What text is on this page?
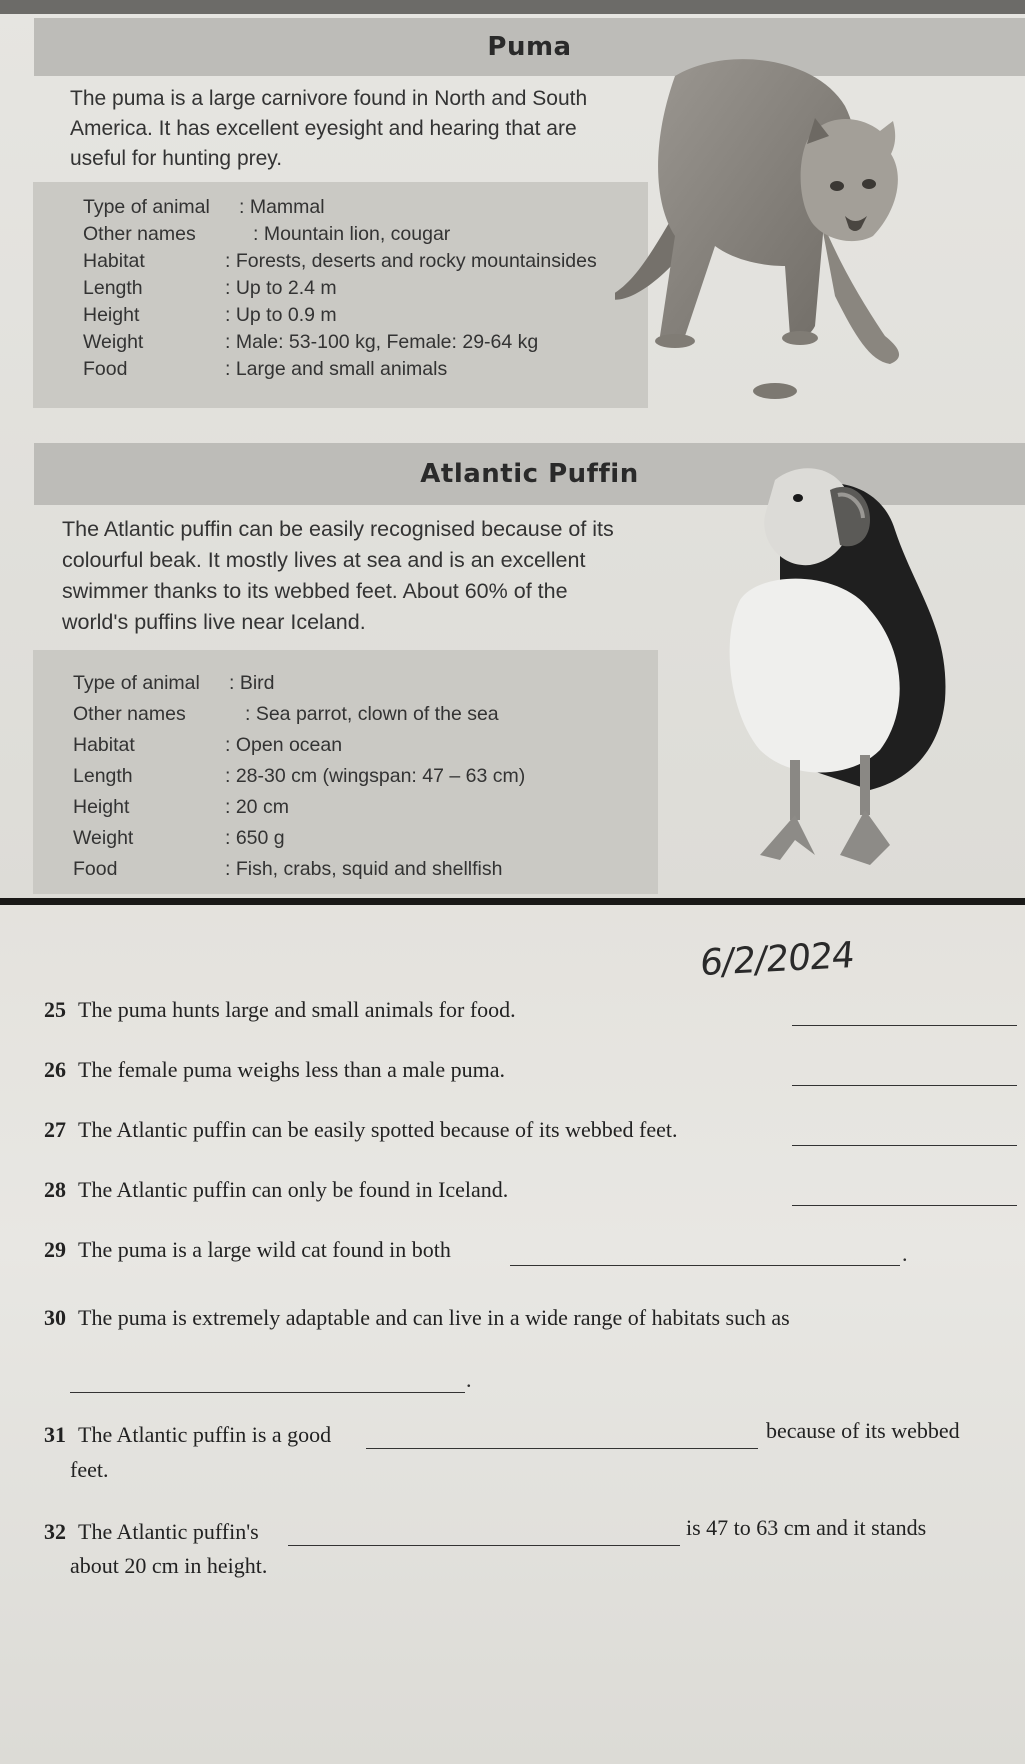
Puma
The puma is a large carnivore found in North and South America. It has excellent eyesight and hearing that are useful for hunting prey.
Type of animal : Mammal
Other names	: Mountain lion, cougar
Habitat	: Forests, deserts and rocky mountainsides
Length	: Up to 2.4 m
Height	: Up to 0.9 m
Weight	: Male: 53-100 kg, Female: 29-64 kg
Food	: Large and small animals
Atlantic Puffin
The Atlantic puffin can be easily recognised because of its colourful beak. It mostly lives at sea and is an excellent swimmer thanks to its webbed feet. About 60% of the world's puffins live near Iceland.
Type of animal : Bird
Other names	: Sea parrot, clown of the sea
Habitat	: Open ocean
Length	: 28-30 cm (wingspan: 47 – 63 cm)
Height	: 20 cm
Weight	: 650 g
Food	: Fish, crabs, squid and shellfish
6/2/2024
25 The puma hunts large and small animals for food.
26 The female puma weighs less than a male puma.
27 The Atlantic puffin can be easily spotted because of its webbed feet.
28 The Atlantic puffin can only be found in Iceland.
29 The puma is a large wild cat found in both	.
30 The puma is extremely adaptable and can live in a wide range of habitats such as
.
31 The Atlantic puffin is a good	because of its webbed
feet.
32 The Atlantic puffin's	is 47 to 63 cm and it stands
about 20 cm in height.
